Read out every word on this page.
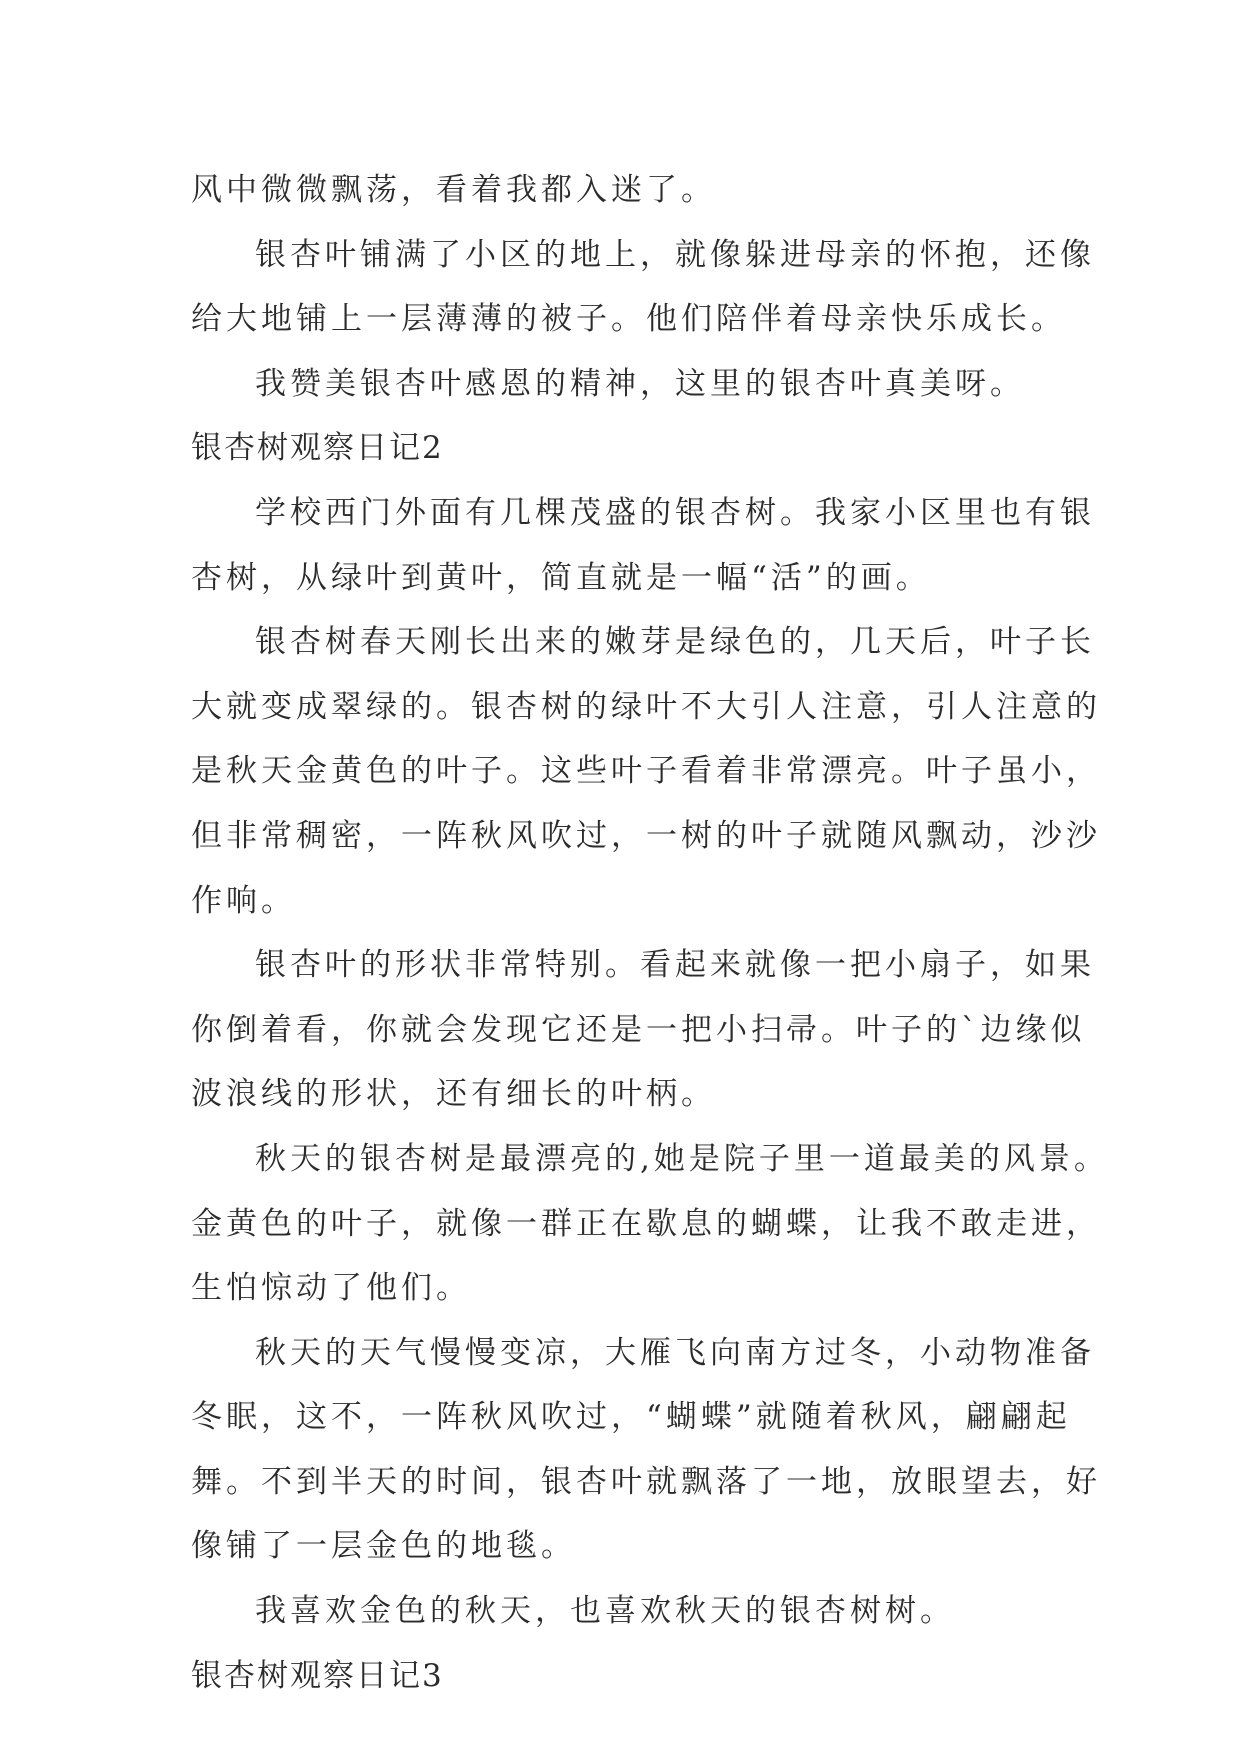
风中微微飘荡，看着我都入迷了。
银杏叶铺满了小区的地上，就像躲进母亲的怀抱，还像
给大地铺上一层薄薄的被子。他们陪伴着母亲快乐成长。
我赞美银杏叶感恩的精神，这里的银杏叶真美呀。
银杏树观察日记2
学校西门外面有几棵茂盛的银杏树。我家小区里也有银
杏树，从绿叶到黄叶，简直就是一幅“活”的画。
银杏树春天刚长出来的嫩芽是绿色的，几天后，叶子长
大就变成翠绿的。银杏树的绿叶不大引人注意，引人注意的
是秋天金黄色的叶子。这些叶子看着非常漂亮。叶子虽小，
但非常稠密，一阵秋风吹过，一树的叶子就随风飘动，沙沙
作响。
银杏叶的形状非常特别。看起来就像一把小扇子，如果
你倒着看，你就会发现它还是一把小扫帚。叶子的`边缘似
波浪线的形状，还有细长的叶柄。
秋天的银杏树是最漂亮的,她是院子里一道最美的风景。
金黄色的叶子，就像一群正在歇息的蝴蝶，让我不敢走进，
生怕惊动了他们。
秋天的天气慢慢变凉，大雁飞向南方过冬，小动物准备
冬眠，这不，一阵秋风吹过，“蝴蝶”就随着秋风，翩翩起
舞。不到半天的时间，银杏叶就飘落了一地，放眼望去，好
像铺了一层金色的地毯。
我喜欢金色的秋天，也喜欢秋天的银杏树树。
银杏树观察日记3
